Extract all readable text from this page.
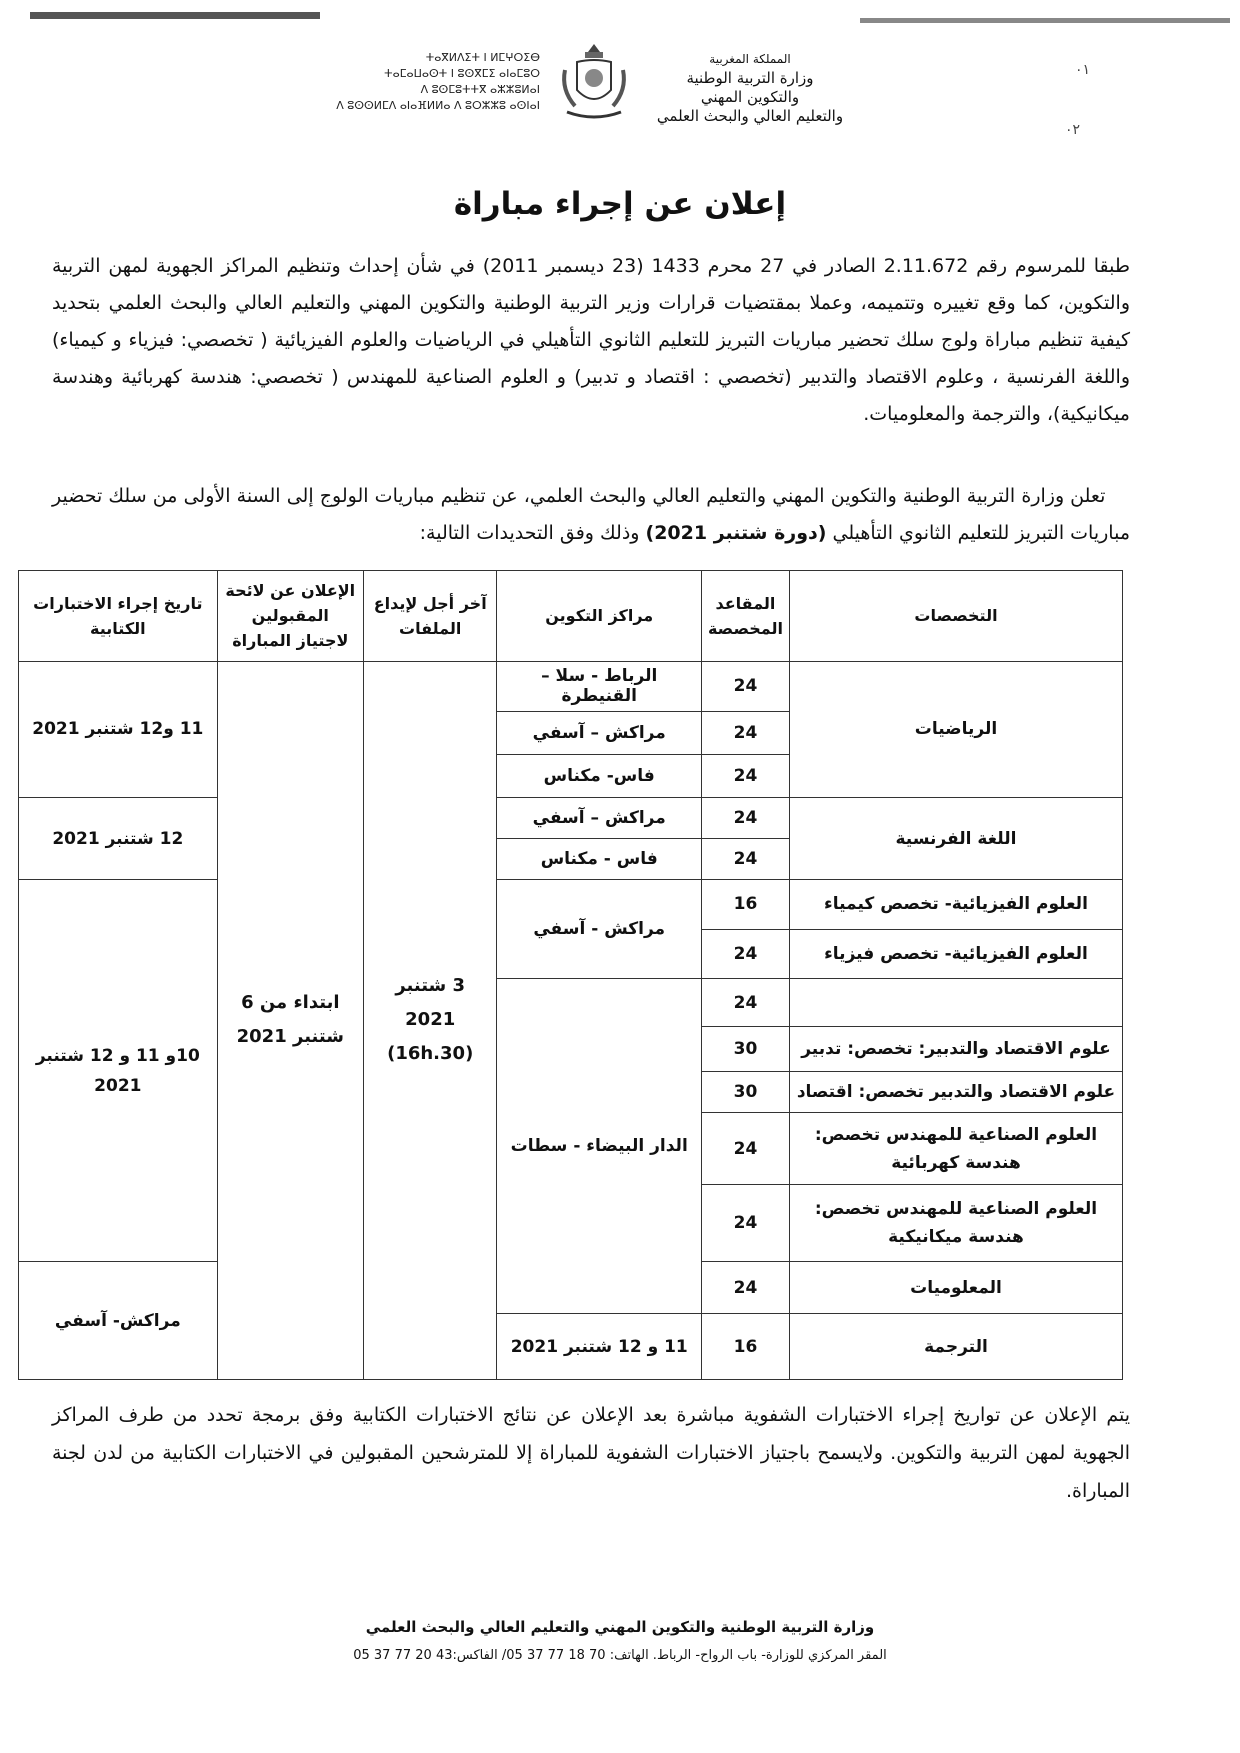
ⵜⴰⴳⵍⴷⵉⵜ ⵏ ⵍⵎⵖⵔⵉⴱ
ⵜⴰⵎⴰⵡⴰⵙⵜ ⵏ ⵓⵙⴳⵎⵉ ⴰⵏⴰⵎⵓⵔ
ⴷ ⵓⵙⵎⵓⵜⵜⴳ ⴰⵣⵣⵓⵍⴰⵏ
ⴷ ⵓⵙⵙⵍⵎⴷ ⴰⵏⴰⴼⵍⵍⴰ ⴷ ⵓⵔⵣⵣⵓ ⴰⵙⵏⴰⵏ
المملكة المغربية
وزارة التربية الوطنية
والتكوين المهني
والتعليم العالي والبحث العلمي
٠١
٠٢
إعلان عن إجراء مباراة
طبقا للمرسوم رقم 2.11.672 الصادر في 27 محرم 1433 (23 ديسمبر 2011) في شأن إحداث وتنظيم المراكز الجهوية لمهن التربية والتكوين، كما وقع تغييره وتتميمه، وعملا بمقتضيات قرارات وزير التربية الوطنية والتكوين المهني والتعليم العالي والبحث العلمي بتحديد كيفية تنظيم مباراة ولوج سلك تحضير مباريات التبريز للتعليم الثانوي التأهيلي في الرياضيات والعلوم الفيزيائية ( تخصصي: فيزياء و كيمياء) واللغة الفرنسية ، وعلوم الاقتصاد والتدبير (تخصصي : اقتصاد و تدبير) و العلوم الصناعية للمهندس ( تخصصي: هندسة كهربائية وهندسة ميكانيكية)، والترجمة والمعلوميات.
تعلن وزارة التربية الوطنية والتكوين المهني والتعليم العالي والبحث العلمي، عن تنظيم مباريات الولوج إلى السنة الأولى من سلك تحضير مباريات التبريز للتعليم الثانوي التأهيلي (دورة شتنبر 2021) وذلك وفق التحديدات التالية:
التخصصات	المقاعد المخصصة	مراكز التكوين	آخر أجل لإيداع الملفات	الإعلان عن لائحة المقبولين لاجتياز المباراة	تاريخ إجراء الاختبارات الكتابية
الرياضيات	24	الرباط - سلا – القنيطرة	3 شتنبر 2021 (16h.30)	ابتداء من 6 شتنبر 2021	11 و12 شتنبر 2021
	24	مراكش – آسفي			
	24	فاس- مكناس			
اللغة الفرنسية	24	مراكش – آسفي			12 شتنبر 2021
	24	فاس - مكناس			
العلوم الفيزيائية- تخصص كيمياء	16	مراكش - آسفي			10و 11 و 12 شتنبر 2021
العلوم الفيزيائية- تخصص فيزياء	24				
	24	الدار البيضاء - سطات			
علوم الاقتصاد والتدبير: تخصص: تدبير	30				
علوم الاقتصاد والتدبير تخصص: اقتصاد	30				
العلوم الصناعية للمهندس تخصص: هندسة كهربائية	24				
العلوم الصناعية للمهندس تخصص: هندسة ميكانيكية	24				
المعلوميات	24				مراكش- آسفي
الترجمة	16	11 و 12 شتنبر 2021			
يتم الإعلان عن تواريخ إجراء الاختبارات الشفوية مباشرة بعد الإعلان عن نتائج الاختبارات الكتابية وفق برمجة تحدد من طرف المراكز الجهوية لمهن التربية والتكوين. ولايسمح باجتياز الاختبارات الشفوية للمباراة إلا للمترشحين المقبولين في الاختبارات الكتابية من لدن لجنة المباراة.
وزارة التربية الوطنية والتكوين المهني والتعليم العالي والبحث العلمي
المقر المركزي للوزارة- باب الرواح- الرباط. الهاتف: 70 18 77 37 05/ الفاكس:43 20 77 37 05
